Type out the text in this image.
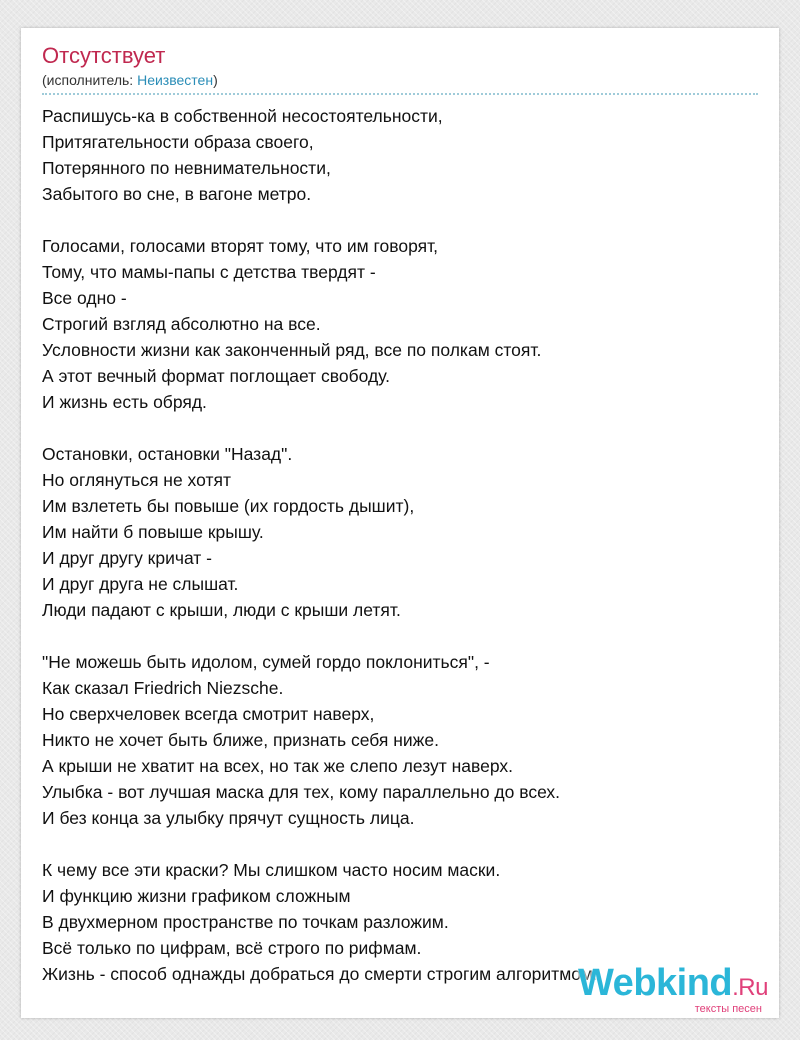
Отсутствует
(исполнитель: Неизвестен)
Распишусь-ка в собственной несостоятельности,
Притягательности образа своего,
Потерянного по невнимательности,
Забытого во сне, в вагоне метро.
Голосами, голосами вторят тому, что им говорят,
Тому, что мамы-папы с детства твердят -
Все одно -
Строгий взгляд абсолютно на все.
Условности жизни как законченный ряд, все по полкам стоят.
А этот вечный формат поглощает свободу.
И жизнь есть обряд.
Остановки, остановки "Назад".
Но оглянуться не хотят
Им взлететь бы повыше (их гордость дышит),
Им найти б повыше крышу.
И друг другу кричат -
И друг друга не слышат.
Люди падают с крыши, люди с крыши летят.
"Не можешь быть идолом, сумей гордо поклониться", -
Как сказал Friedrich Niezsche.
Но сверхчеловек всегда смотрит наверх,
Никто не хочет быть ближе, признать себя ниже.
А крыши не хватит на всех, но так же слепо лезут наверх.
Улыбка - вот лучшая маска для тех, кому параллельно до всех.
И без конца за улыбку прячут сущность лица.
К чему все эти краски? Мы слишком часто носим маски.
И функцию жизни графиком сложным
В двухмерном пространстве по точкам разложим.
Всё только по цифрам, всё строго по рифмам.
Жизнь - способ однажды добраться до смерти строгим алгоритмом.
Webkind.Ru
тексты песен
